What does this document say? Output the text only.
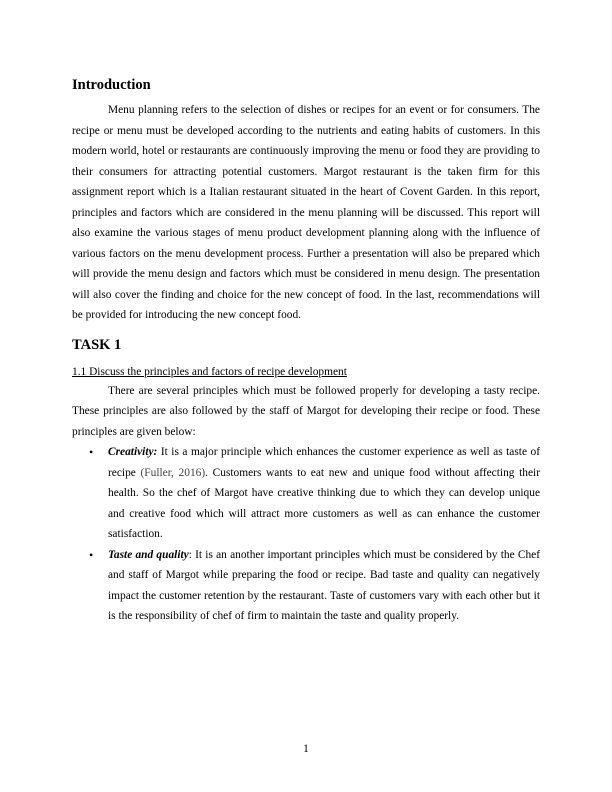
Introduction

Menu planning refers to the selection of dishes or recipes for an event or for consumers. The recipe or menu must be developed according to the nutrients and eating habits of customers. In this modern world, hotel or restaurants are continuously improving the menu or food they are providing to their consumers for attracting potential customers. Margot restaurant is the taken firm for this assignment report which is a Italian restaurant situated in the heart of Covent Garden. In this report, principles and factors which are considered in the menu planning will be discussed. This report will also examine the various stages of menu product development planning along with the influence of various factors on the menu development process. Further a presentation will also be prepared which will provide the menu design and factors which must be considered in menu design. The presentation will also cover the finding and choice for the new concept of food. In the last, recommendations will be provided for introducing the new concept food.

TASK 1

1.1 Discuss the principles and factors of recipe development

There are several principles which must be followed properly for developing a tasty recipe. These principles are also followed by the staff of Margot for developing their recipe or food. These principles are given below:

• Creativity: It is a major principle which enhances the customer experience as well as taste of recipe (Fuller, 2016). Customers wants to eat new and unique food without affecting their health. So the chef of Margot have creative thinking due to which they can develop unique and creative food which will attract more customers as well as can enhance the customer satisfaction.
• Taste and quality: It is an another important principles which must be considered by the Chef and staff of Margot while preparing the food or recipe. Bad taste and quality can negatively impact the customer retention by the restaurant. Taste of customers vary with each other but it is the responsibility of chef of firm to maintain the taste and quality properly.
1
